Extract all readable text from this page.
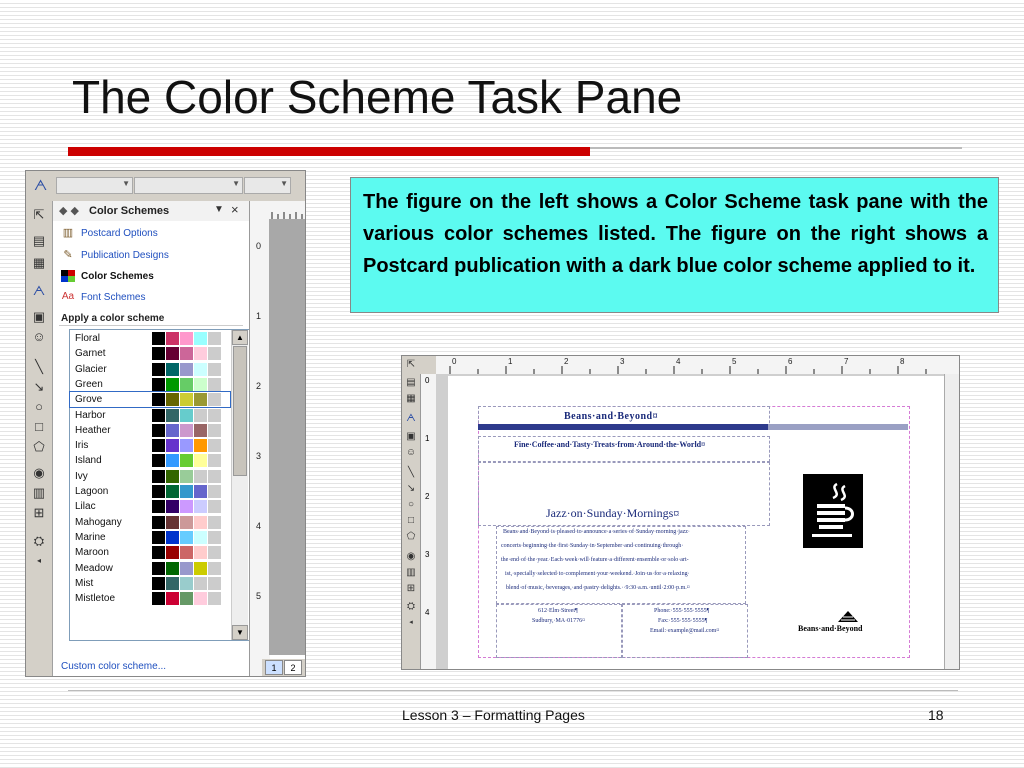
The Color Scheme Task Pane
ᗅ	▼	▼	▼
⇱
▤
▦
ᗅ
▣
☺
╲
↘
○
□
⬠
◉
▥
⊞
⛭
◂
◆ ◆ Color Schemes	▼ ×
▥ Postcard Options
✎ Publication Designs
Color Schemes
Aa Font Schemes
Apply a color scheme
Floral
Garnet
Glacier
Green
Grove
Harbor
Heather
Iris
Island
Ivy
Lagoon
Lilac
Mahogany
Marine
Maroon
Meadow
Mist
Mistletoe
▲
▼
Custom color scheme...
0
1
2
3
4
5
1	2
The figure on the left shows a Color Scheme task pane with the various color schemes listed. The figure on the right shows a Postcard publication with a dark blue color scheme applied to it.
⇱
▤
▦
ᗅ
▣
☺
╲
↘
○
□
⬠
◉
▥
⊞
⛭
◂
0	1	2	3	4	5	6	7	8
0
1
2
3
4
Beans·and·Beyond¤
Fine·Coffee·and·Tasty·Treats·from·Around·the·World¤
Jazz·on·Sunday·Mornings¤
Beans·and·Beyond·is·pleased·to·announce·a·series·of·Sunday·morning·jazz·
concerts·beginning·the·first·Sunday·in·September·and·continuing·through·
the·end·of·the·year.·Each·week·will·feature·a·different·ensemble·or·solo·art-
ist,·specially·selected·to·complement·your·weekend.·Join·us·for·a·relaxing·
blend·of·music,·beverages,·and·pastry·delights.··9:30·a.m.·until·2:00·p.m.¤
612·Elm·Street¶
Sudbury,·MA·01776¤
Phone:·555·555·5555¶
Fax:·555·555·5555¶
Email:·example@mail.com¤	Beans·and·Beyond
Lesson 3 – Formatting Pages	18
